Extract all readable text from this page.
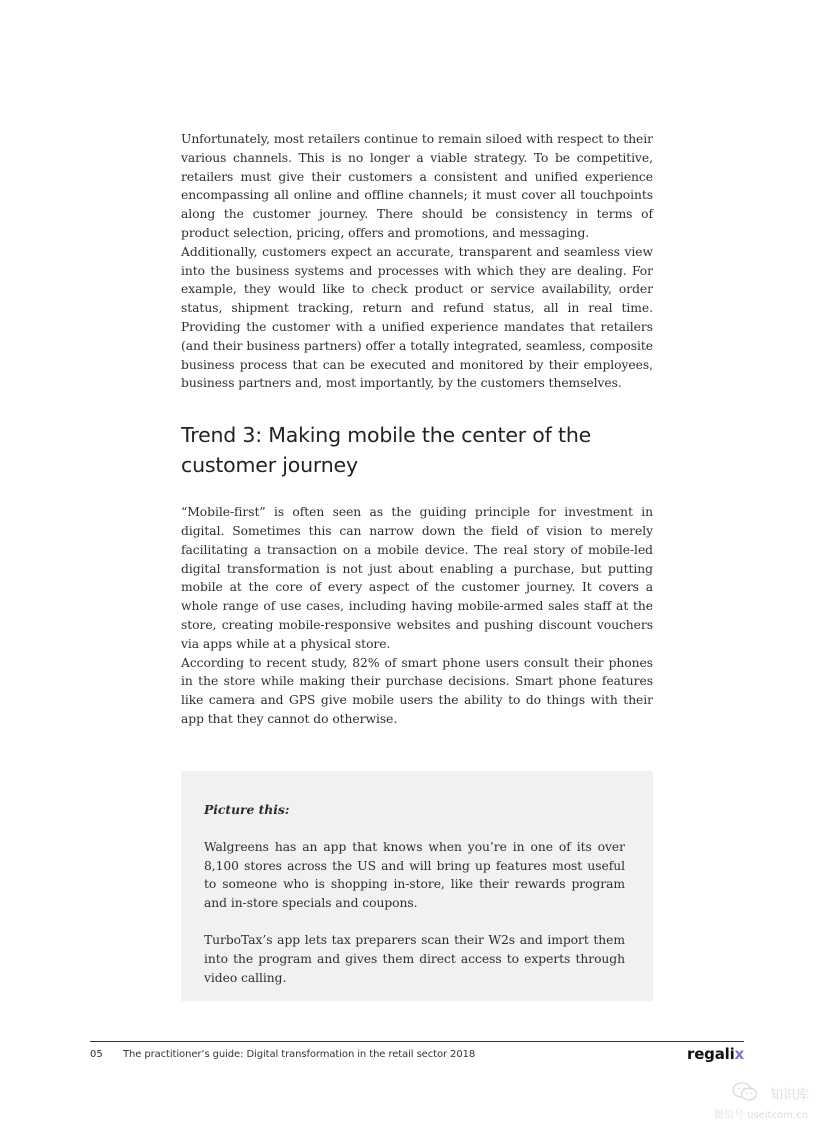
Unfortunately, most retailers continue to remain siloed with respect to their various channels. This is no longer a viable strategy. To be competitive, retailers must give their customers a consistent and unified experience encompassing all online and offline channels; it must cover all touchpoints along the customer journey. There should be consistency in terms of product selection, pricing, offers and promotions, and messaging.

Additionally, customers expect an accurate, transparent and seamless view into the business systems and processes with which they are dealing. For example, they would like to check product or service availability, order status, shipment tracking, return and refund status, all in real time. Providing the customer with a unified experience mandates that retailers (and their business partners) offer a totally integrated, seamless, composite business process that can be executed and monitored by their employees, business partners and, most importantly, by the customers themselves.

Trend 3: Making mobile the center of the customer journey

“Mobile-first” is often seen as the guiding principle for investment in digital. Sometimes this can narrow down the field of vision to merely facilitating a transaction on a mobile device. The real story of mobile-led digital transformation is not just about enabling a purchase, but putting mobile at the core of every aspect of the customer journey. It covers a whole range of use cases, including having mobile-armed sales staff at the store, creating mobile-responsive websites and pushing discount vouchers via apps while at a physical store.

According to recent study, 82% of smart phone users consult their phones in the store while making their purchase decisions. Smart phone features like camera and GPS give mobile users the ability to do things with their app that they cannot do otherwise.

Picture this:

Walgreens has an app that knows when you’re in one of its over 8,100 stores across the US and will bring up features most useful to someone who is shopping in-store, like their rewards program and in-store specials and coupons.

TurboTax’s app lets tax preparers scan their W2s and import them into the program and gives them direct access to experts through video calling.

05 The practitioner’s guide: Digital transformation in the retail sector 2018	regalix
知识库
微信号 useitcom.cn
